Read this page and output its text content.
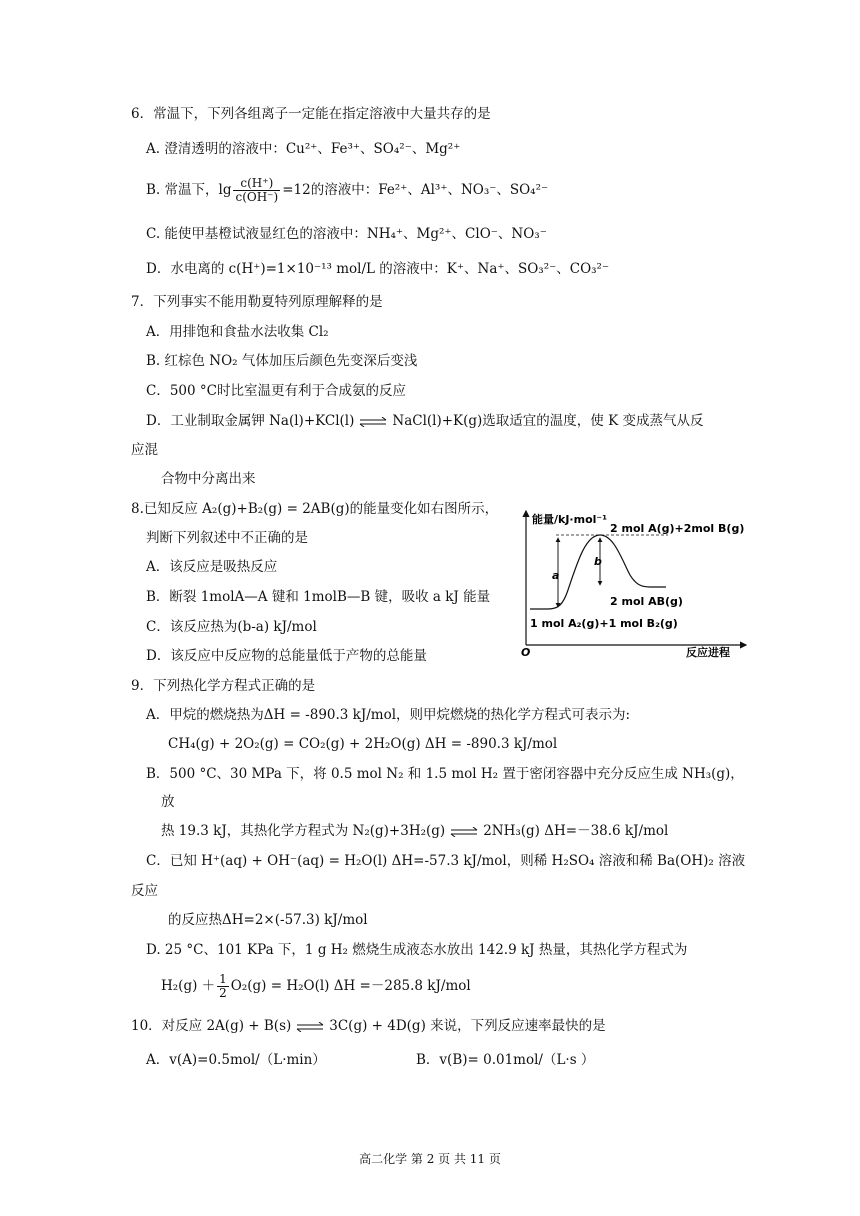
6．常温下，下列各组离子一定能在指定溶液中大量共存的是
A. 澄清透明的溶液中：Cu²⁺、Fe³⁺、SO₄²⁻、Mg²⁺
B. 常温下，$\lg \frac{c(H^+)}{c(OH^-)} =12$的溶液中：Fe²⁺、Al³⁺、NO₃⁻、SO₄²⁻
C. 能使甲基橙试液显红色的溶液中：NH₄⁺、Mg²⁺、ClO⁻、NO₃⁻
D．水电离的 c(H⁺)=1×10⁻¹³ mol/L 的溶液中：K⁺、Na⁺、SO₃²⁻、CO₃²⁻
7．下列事实不能用勒夏特列原理解释的是
A．用排饱和食盐水法收集 Cl₂
B. 红棕色 NO₂ 气体加压后颜色先变深后变浅
C．500 °C时比室温更有利于合成氨的反应
D．工业制取金属钾 Na(l)+KCl(l) ⇌ NaCl(l)+K(g)选取适宜的温度，使 K 变成蒸气从反
应混
合物中分离出来
8.已知反应 A₂(g)+B₂(g) = 2AB(g)的能量变化如右图所示，
判断下列叙述中不正确的是
A．该反应是吸热反应
B．断裂 1molA—A 键和 1molB—B 键，吸收 a kJ 能量
C．该反应热为(b-a) kJ/mol
D．该反应中反应物的总能量低于产物的总能量
能量/kJ·mol⁻¹
反应进程
O
2 mol A(g)+2mol B(g)
2 mol AB(g)
1 mol A₂(g)+1 mol B₂(g)
a
b
9．下列热化学方程式正确的是
A．甲烷的燃烧热为ΔH = -890.3 kJ/mol，则甲烷燃烧的热化学方程式可表示为:
CH₄(g) + 2O₂(g) = CO₂(g) + 2H₂O(g) ΔH = -890.3 kJ/mol
B．500 °C、30 MPa 下，将 0.5 mol N₂ 和 1.5 mol H₂ 置于密闭容器中充分反应生成 NH₃(g)，
放
热 19.3 kJ，其热化学方程式为 N₂(g)+3H₂(g) ⇌ 2NH₃(g) ΔH=－38.6 kJ/mol
C．已知 H⁺(aq) + OH⁻(aq) = H₂O(l) ΔH=-57.3 kJ/mol，则稀 H₂SO₄ 溶液和稀 Ba(OH)₂ 溶液
反应
的反应热ΔH=2×(-57.3) kJ/mol
D. 25 °C、101 KPa 下，1 g H₂ 燃烧生成液态水放出 142.9 kJ 热量，其热化学方程式为
$H_2(g) + \frac{1}{2} O_2(g) = H_2O(l)$ ΔH =－285.8 kJ/mol
10．对反应 2A(g) + B(s) ⇌ 3C(g) + 4D(g) 来说，下列反应速率最快的是
A．v(A)=0.5mol/（L·min）	B．v(B)= 0.01mol/（L·s ）
高二化学 第 2 页 共 11 页
